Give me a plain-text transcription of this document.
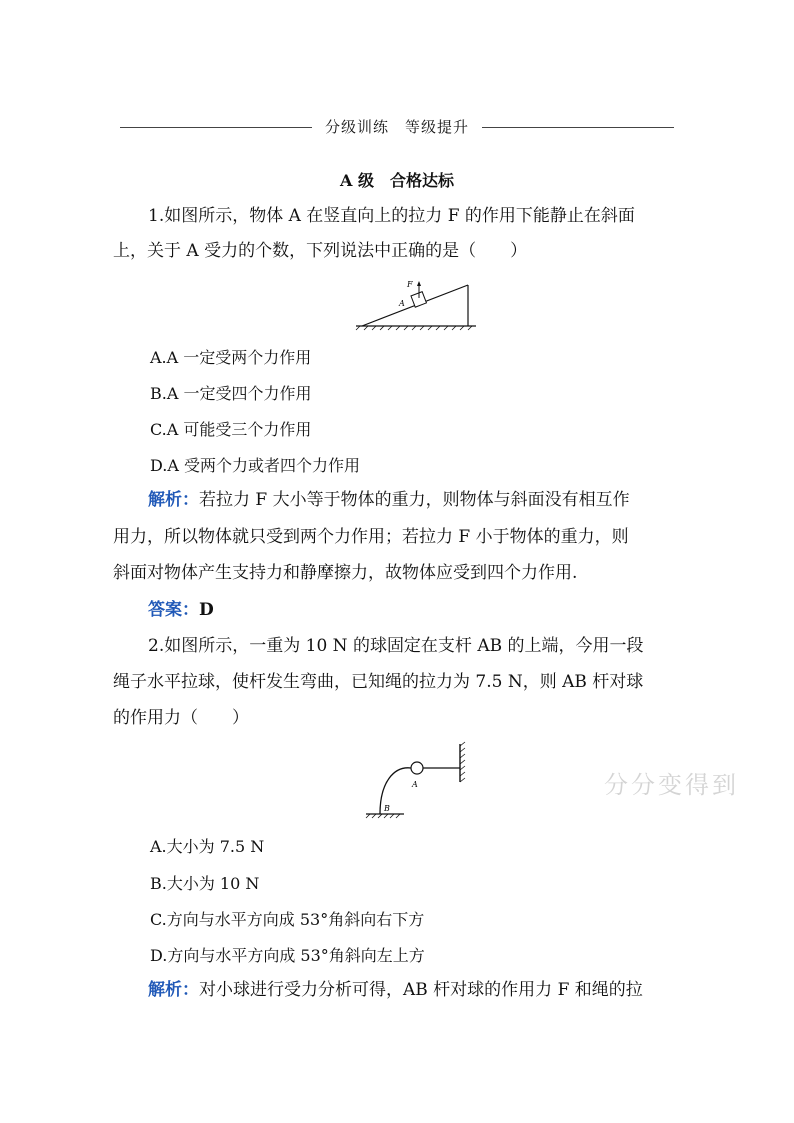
分级训练　等级提升
A 级　合格达标
1.如图所示，物体 A 在竖直向上的拉力 F 的作用下能静止在斜面
上，关于 A 受力的个数，下列说法中正确的是（　　）
F
A
A.A 一定受两个力作用
B.A 一定受四个力作用
C.A 可能受三个力作用
D.A 受两个力或者四个力作用
解析：若拉力 F 大小等于物体的重力，则物体与斜面没有相互作
用力，所以物体就只受到两个力作用；若拉力 F 小于物体的重力，则
斜面对物体产生支持力和静摩擦力，故物体应受到四个力作用.
答案：D
2.如图所示，一重为 10 N 的球固定在支杆 AB 的上端，今用一段
绳子水平拉球，使杆发生弯曲，已知绳的拉力为 7.5 N，则 AB 杆对球
的作用力（　　）
A
B
分分变得到
A.大小为 7.5 N
B.大小为 10 N
C.方向与水平方向成 53°角斜向右下方
D.方向与水平方向成 53°角斜向左上方
解析：对小球进行受力分析可得，AB 杆对球的作用力 F 和绳的拉
